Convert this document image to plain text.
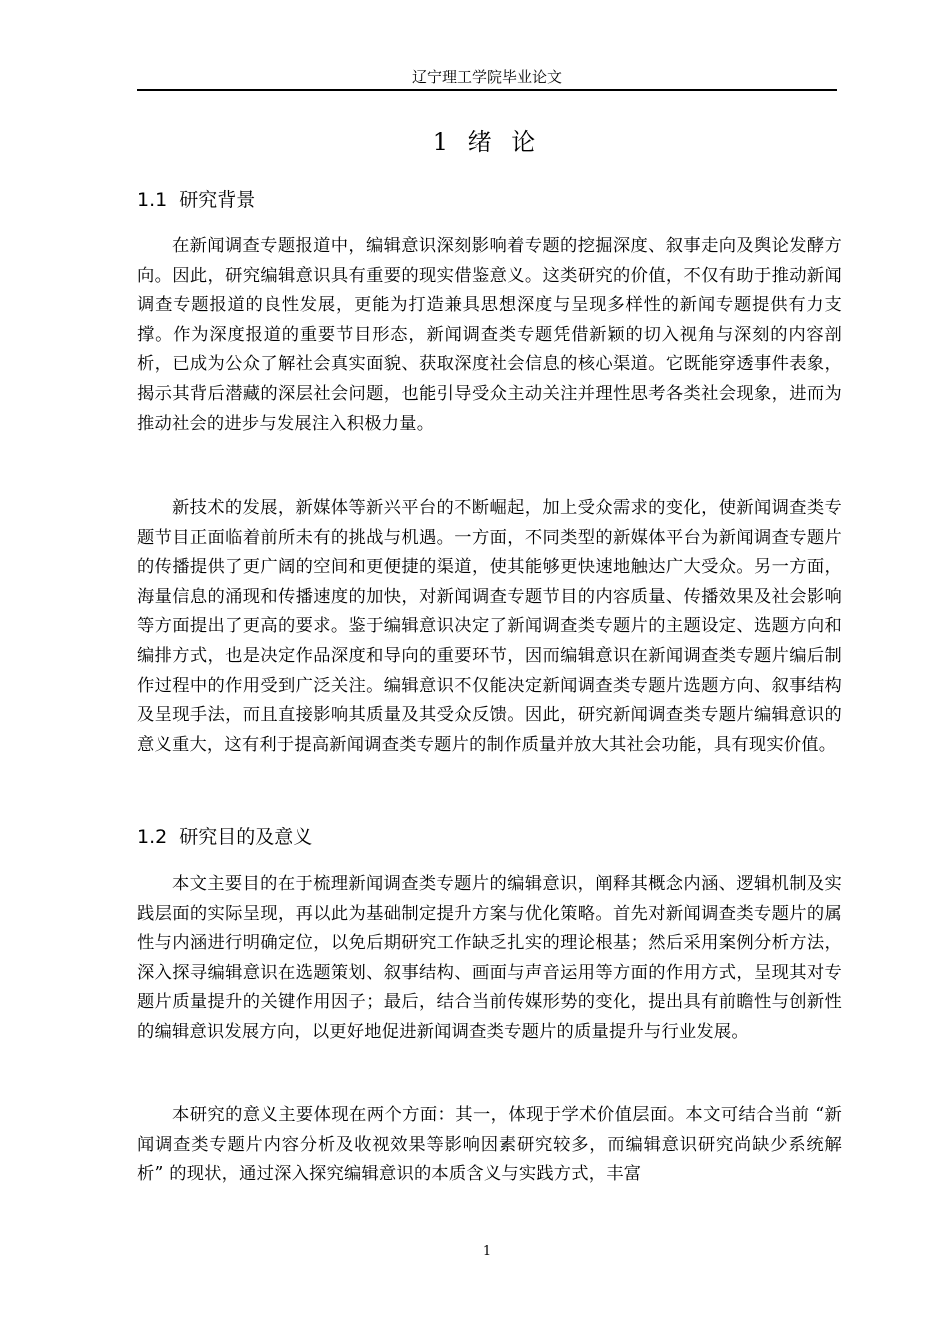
辽宁理工学院毕业论文
1 绪 论
1.1 研究背景

在新闻调查专题报道中，编辑意识深刻影响着专题的挖掘深度、叙事走向及舆论发酵方向。因此，研究编辑意识具有重要的现实借鉴意义。这类研究的价值，不仅有助于推动新闻调查专题报道的良性发展，更能为打造兼具思想深度与呈现多样性的新闻专题提供有力支撑。作为深度报道的重要节目形态，新闻调查类专题凭借新颖的切入视角与深刻的内容剖析，已成为公众了解社会真实面貌、获取深度社会信息的核心渠道。它既能穿透事件表象，揭示其背后潜藏的深层社会问题，也能引导受众主动关注并理性思考各类社会现象，进而为推动社会的进步与发展注入积极力量。

新技术的发展，新媒体等新兴平台的不断崛起，加上受众需求的变化，使新闻调查类专题节目正面临着前所未有的挑战与机遇。一方面，不同类型的新媒体平台为新闻调查专题片的传播提供了更广阔的空间和更便捷的渠道，使其能够更快速地触达广大受众。另一方面，海量信息的涌现和传播速度的加快，对新闻调查专题节目的内容质量、传播效果及社会影响等方面提出了更高的要求。鉴于编辑意识决定了新闻调查类专题片的主题设定、选题方向和编排方式，也是决定作品深度和导向的重要环节，因而编辑意识在新闻调查类专题片编后制作过程中的作用受到广泛关注。编辑意识不仅能决定新闻调查类专题片选题方向、叙事结构及呈现手法，而且直接影响其质量及其受众反馈。因此，研究新闻调查类专题片编辑意识的意义重大，这有利于提高新闻调查类专题片的制作质量并放大其社会功能，具有现实价值。

1.2 研究目的及意义

本文主要目的在于梳理新闻调查类专题片的编辑意识，阐释其概念内涵、逻辑机制及实践层面的实际呈现，再以此为基础制定提升方案与优化策略。首先对新闻调查类专题片的属性与内涵进行明确定位，以免后期研究工作缺乏扎实的理论根基；然后采用案例分析方法，深入探寻编辑意识在选题策划、叙事结构、画面与声音运用等方面的作用方式，呈现其对专题片质量提升的关键作用因子；最后，结合当前传媒形势的变化，提出具有前瞻性与创新性的编辑意识发展方向，以更好地促进新闻调查类专题片的质量提升与行业发展。

本研究的意义主要体现在两个方面：其一，体现于学术价值层面。本文可结合当前 “新闻调查类专题片内容分析及收视效果等影响因素研究较多，而编辑意识研究尚缺少系统解析” 的现状，通过深入探究编辑意识的本质含义与实践方式，丰富

1
